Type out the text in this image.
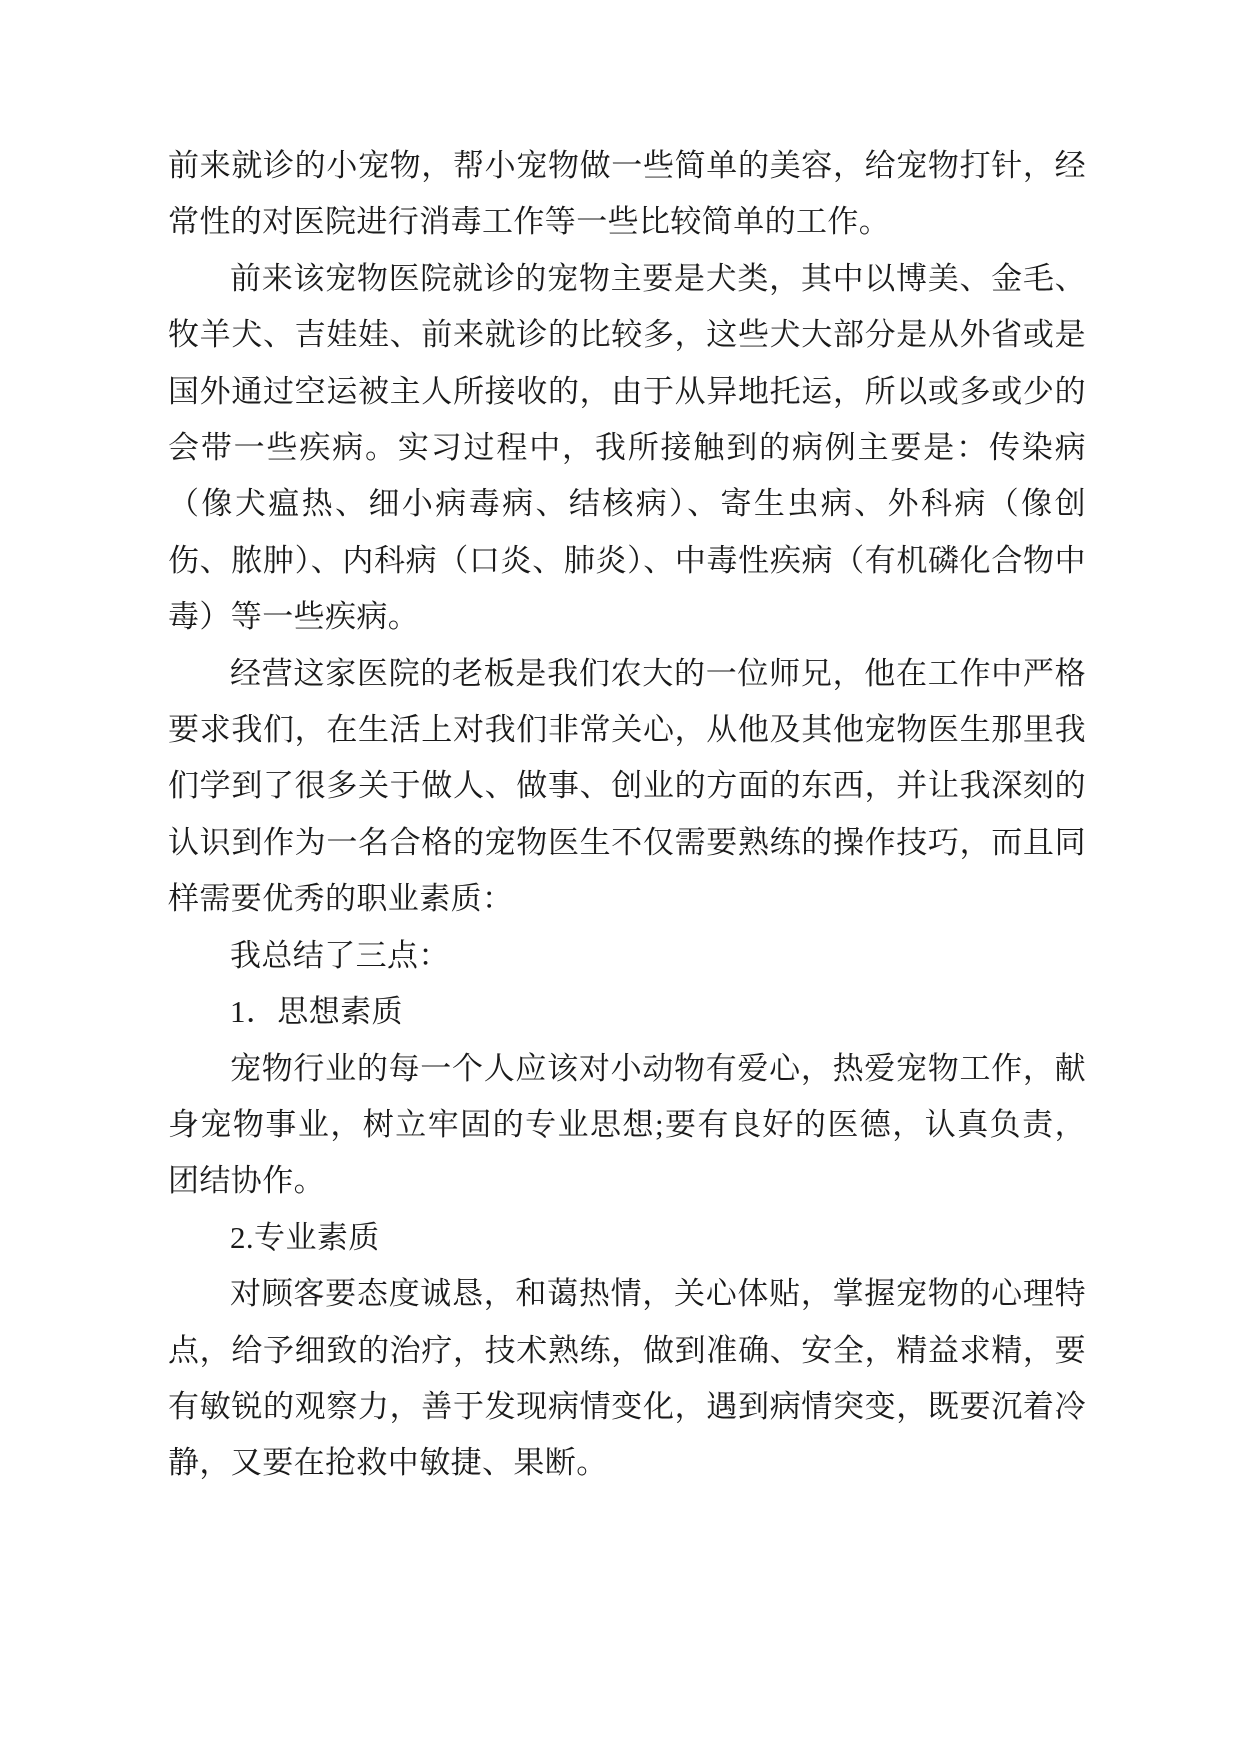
前来就诊的小宠物，帮小宠物做一些简单的美容，给宠物打针，经常性的对医院进行消毒工作等一些比较简单的工作。

前来该宠物医院就诊的宠物主要是犬类，其中以博美、金毛、牧羊犬、吉娃娃、前来就诊的比较多，这些犬大部分是从外省或是国外通过空运被主人所接收的，由于从异地托运，所以或多或少的会带一些疾病。实习过程中，我所接触到的病例主要是：传染病（像犬瘟热、细小病毒病、结核病）、寄生虫病、外科病（像创伤、脓肿）、内科病（口炎、肺炎）、中毒性疾病（有机磷化合物中毒）等一些疾病。

经营这家医院的老板是我们农大的一位师兄，他在工作中严格要求我们，在生活上对我们非常关心，从他及其他宠物医生那里我们学到了很多关于做人、做事、创业的方面的东西，并让我深刻的认识到作为一名合格的宠物医生不仅需要熟练的操作技巧，而且同样需要优秀的职业素质：

我总结了三点：

1．思想素质

宠物行业的每一个人应该对小动物有爱心，热爱宠物工作，献身宠物事业，树立牢固的专业思想;要有良好的医德，认真负责，团结协作。

2.专业素质

对顾客要态度诚恳，和蔼热情，关心体贴，掌握宠物的心理特点，给予细致的治疗，技术熟练，做到准确、安全，精益求精，要有敏锐的观察力，善于发现病情变化，遇到病情突变，既要沉着冷静，又要在抢救中敏捷、果断。
